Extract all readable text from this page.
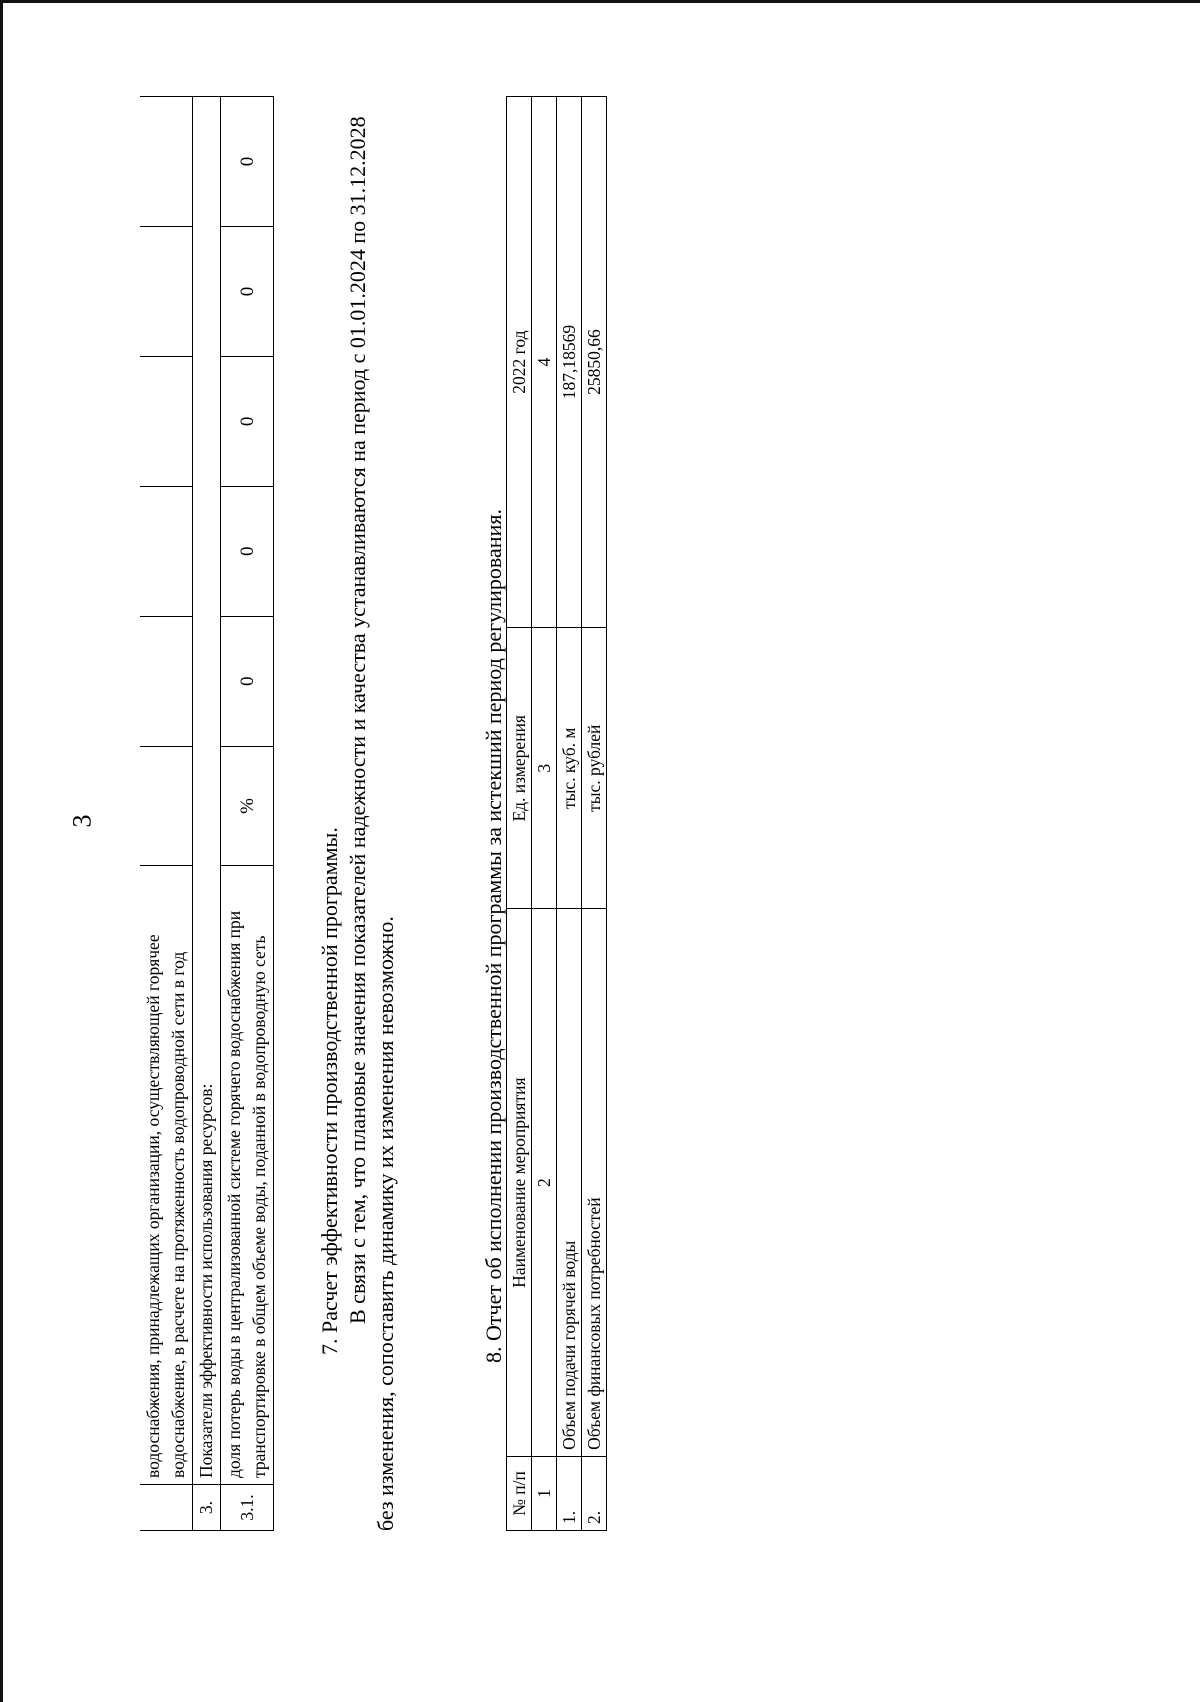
3
	водоснабжения, принадлежащих организации, осуществляющей горячее водоснабжение, в расчете на протяженность водопроводной сети в год						
3.	Показатели эффективности использования ресурсов:						
3.1.	доля потерь воды в централизованной системе горячего водоснабжения при транспортировке в общем объеме воды, поданной в водопроводную сеть	%	0	0	0	0	0
7. Расчет эффективности производственной программы. В связи с тем, что плановые значения показателей надежности и качества устанавливаются на период с 01.01.2024 по 31.12.2028 без изменения, сопоставить динамику их изменения невозможно.	8. Отчет об исполнении производственной программы за истекший период регулирования.
№ п/п	Наименование мероприятия	Ед. измерения	2022 год
1	2	3	4
1.	Объем подачи горячей воды	тыс. куб. м	187,18569
2.	Объем финансовых потребностей	тыс. рублей	25850,66
